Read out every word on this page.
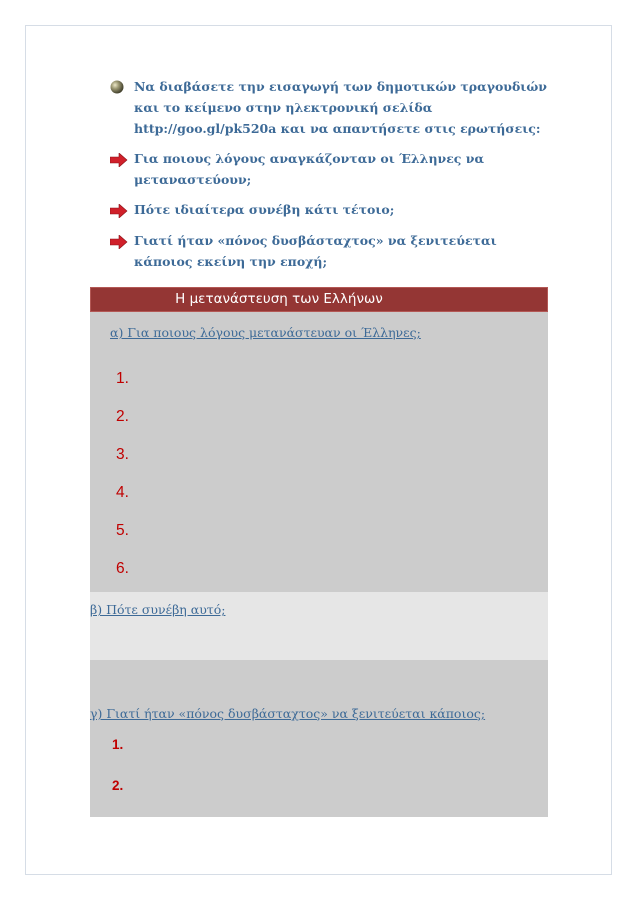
Να διαβάσετε την εισαγωγή των δημοτικών τραγουδιών
και το κείμενο στην ηλεκτρονική σελίδα
http://goo.gl/pk520a και να απαντήσετε στις ερωτήσεις:
Για ποιους λόγους αναγκάζονταν οι Έλληνες να
μεταναστεύουν;
Πότε ιδιαίτερα συνέβη κάτι τέτοιο;
Γιατί ήταν «πόνος δυσβάσταχτος» να ξενιτεύεται
κάποιος εκείνη την εποχή;
Η μετανάστευση των Ελλήνων
α) Για ποιους λόγους μετανάστευαν οι Έλληνες;
1.
2.
3.
4.
5.
6.
β) Πότε συνέβη αυτό;
γ) Γιατί ήταν «πόνος δυσβάσταχτος» να ξενιτεύεται κάποιος;
1.
2.
